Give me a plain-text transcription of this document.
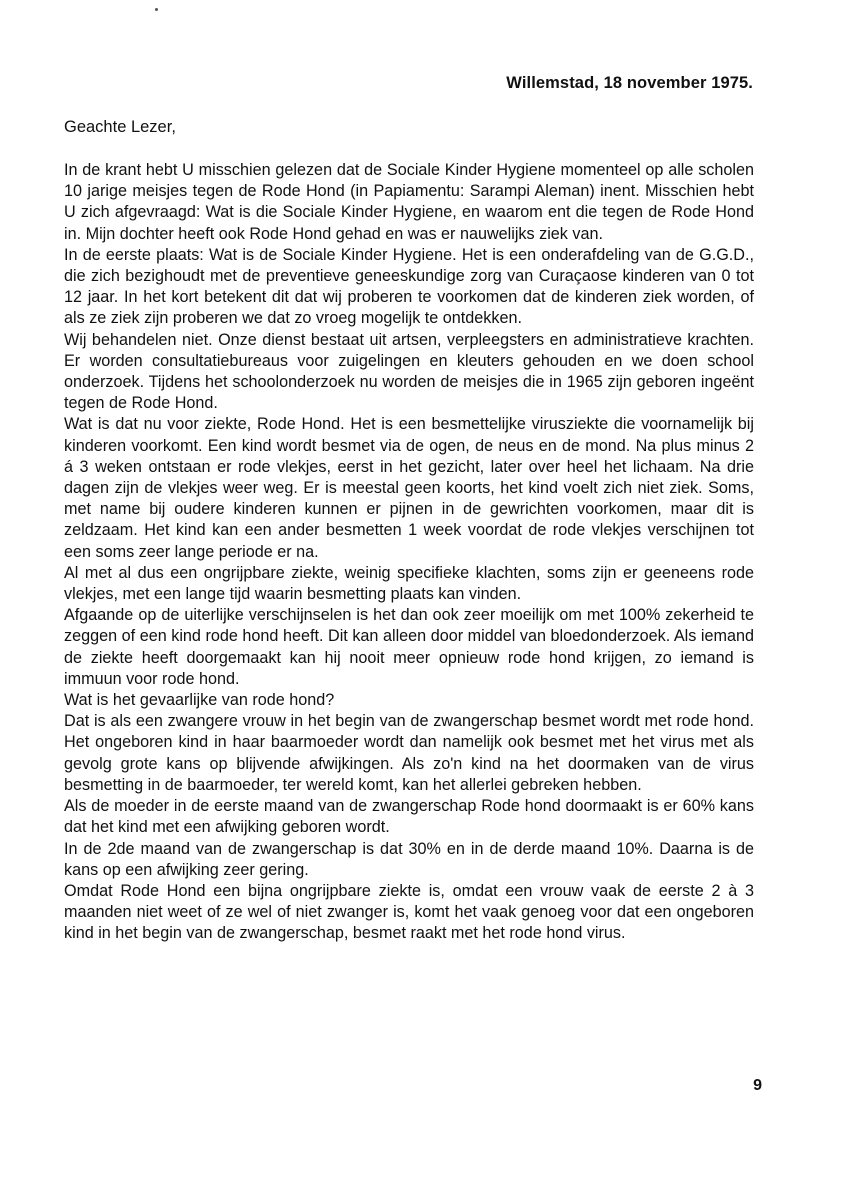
Willemstad, 18 november 1975.
Geachte Lezer,

In de krant hebt U misschien gelezen dat de Sociale Kinder Hygiene momenteel op alle scholen 10 jarige meisjes tegen de Rode Hond (in Papiamentu: Sarampi Aleman) inent. Misschien hebt U zich afgevraagd: Wat is die Sociale Kinder Hygiene, en waarom ent die tegen de Rode Hond in. Mijn dochter heeft ook Rode Hond gehad en was er nauwelijks ziek van.

In de eerste plaats: Wat is de Sociale Kinder Hygiene. Het is een onderafdeling van de G.G.D., die zich bezighoudt met de preventieve geneeskundige zorg van Curaçaose kinderen van 0 tot 12 jaar. In het kort betekent dit dat wij proberen te voorkomen dat de kinderen ziek worden, of als ze ziek zijn proberen we dat zo vroeg mogelijk te ontdekken.

Wij behandelen niet. Onze dienst bestaat uit artsen, verpleegsters en administratieve krachten. Er worden consultatiebureaus voor zuigelingen en kleuters gehouden en we doen school onderzoek. Tijdens het schoolonderzoek nu worden de meisjes die in 1965 zijn geboren ingeënt tegen de Rode Hond.

Wat is dat nu voor ziekte, Rode Hond. Het is een besmettelijke virusziekte die voornamelijk bij kinderen voorkomt. Een kind wordt besmet via de ogen, de neus en de mond. Na plus minus 2 á 3 weken ontstaan er rode vlekjes, eerst in het gezicht, later over heel het lichaam. Na drie dagen zijn de vlekjes weer weg. Er is meestal geen koorts, het kind voelt zich niet ziek. Soms, met name bij oudere kinderen kunnen er pijnen in de gewrichten voorkomen, maar dit is zeldzaam. Het kind kan een ander besmetten 1 week voordat de rode vlekjes verschijnen tot een soms zeer lange periode er na.

Al met al dus een ongrijpbare ziekte, weinig specifieke klachten, soms zijn er geeneens rode vlekjes, met een lange tijd waarin besmetting plaats kan vinden.

Afgaande op de uiterlijke verschijnselen is het dan ook zeer moeilijk om met 100% zekerheid te zeggen of een kind rode hond heeft. Dit kan alleen door middel van bloedonderzoek. Als iemand de ziekte heeft doorgemaakt kan hij nooit meer opnieuw rode hond krijgen, zo iemand is immuun voor rode hond.

Wat is het gevaarlijke van rode hond?

Dat is als een zwangere vrouw in het begin van de zwangerschap besmet wordt met rode hond. Het ongeboren kind in haar baarmoeder wordt dan namelijk ook besmet met het virus met als gevolg grote kans op blijvende afwijkingen. Als zo'n kind na het doormaken van de virus besmetting in de baarmoeder, ter wereld komt, kan het allerlei gebreken hebben.

Als de moeder in de eerste maand van de zwangerschap Rode hond doormaakt is er 60% kans dat het kind met een afwijking geboren wordt.

In de 2de maand van de zwangerschap is dat 30% en in de derde maand 10%. Daarna is de kans op een afwijking zeer gering.

Omdat Rode Hond een bijna ongrijpbare ziekte is, omdat een vrouw vaak de eerste 2 à 3 maanden niet weet of ze wel of niet zwanger is, komt het vaak genoeg voor dat een ongeboren kind in het begin van de zwangerschap, besmet raakt met het rode hond virus.

9
